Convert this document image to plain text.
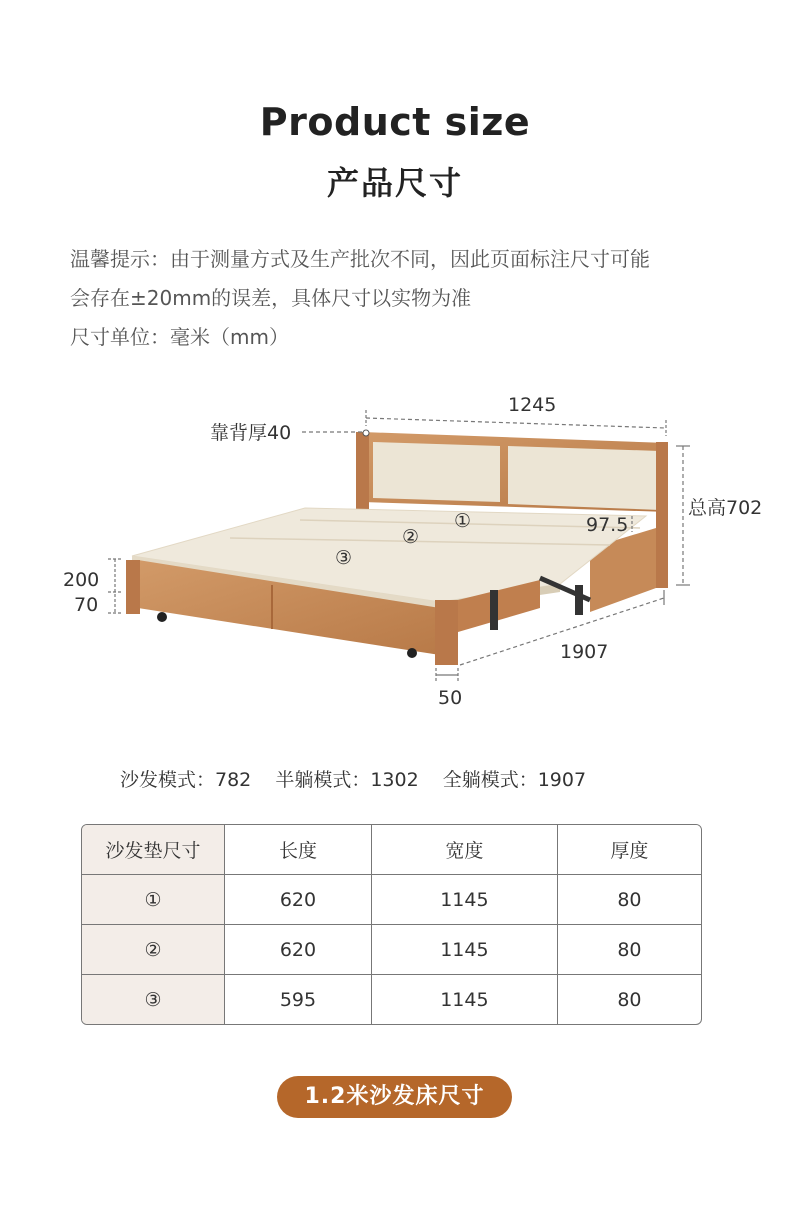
Product size
产品尺寸

温馨提示：由于测量方式及生产批次不同，因此页面标注尺寸可能

会存在±20mm的误差，具体尺寸以实物为准

尺寸单位：毫米（mm）

1245
靠背厚40
总高702
97.5
①
②
③
200
70
1907
50
沙发模式：782 半躺模式：1302 全躺模式：1907
沙发垫尺寸	长度	宽度	厚度
①	620	1145	80
②	620	1145	80
③	595	1145	80
1.2米沙发床尺寸
